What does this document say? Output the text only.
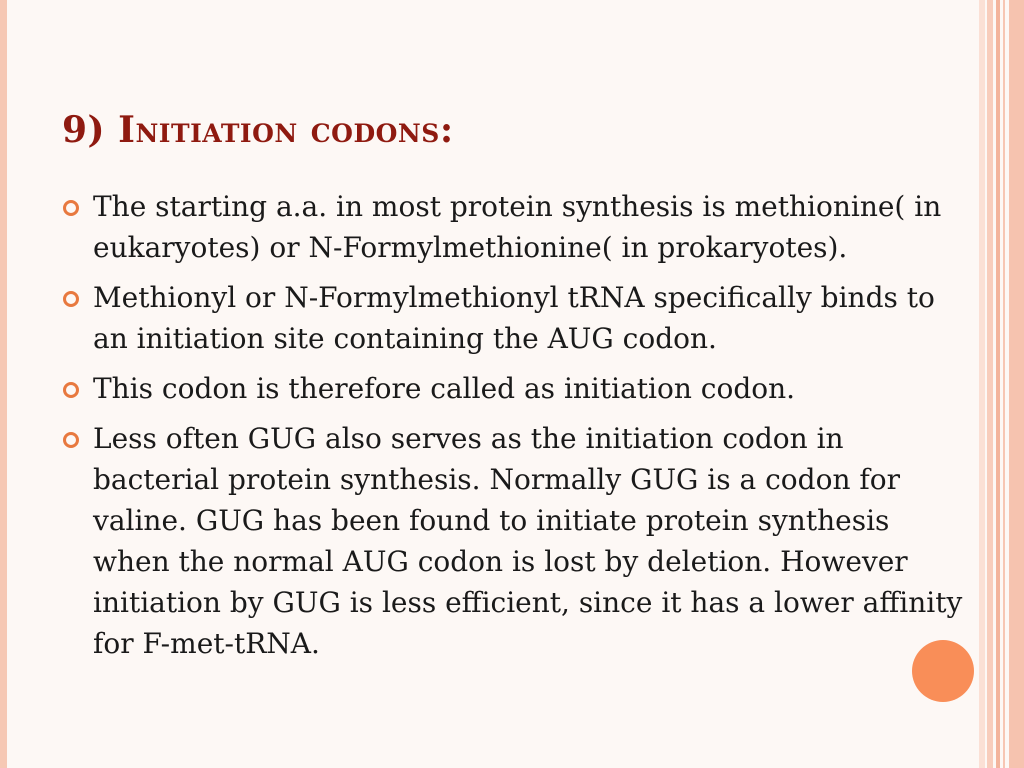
9) Initiation codons:
The starting a.a. in most protein synthesis is methionine( in eukaryotes) or N-Formylmethionine( in prokaryotes).
Methionyl or N-Formylmethionyl tRNA specifically binds to an initiation site containing the AUG codon.
This codon is therefore called as initiation codon.
Less often GUG also serves as the initiation codon in bacterial protein synthesis. Normally GUG is a codon for valine. GUG has been found to initiate protein synthesis when the normal AUG codon is lost by deletion. However initiation by GUG is less efficient, since it has a lower affinity for F-met-tRNA.
